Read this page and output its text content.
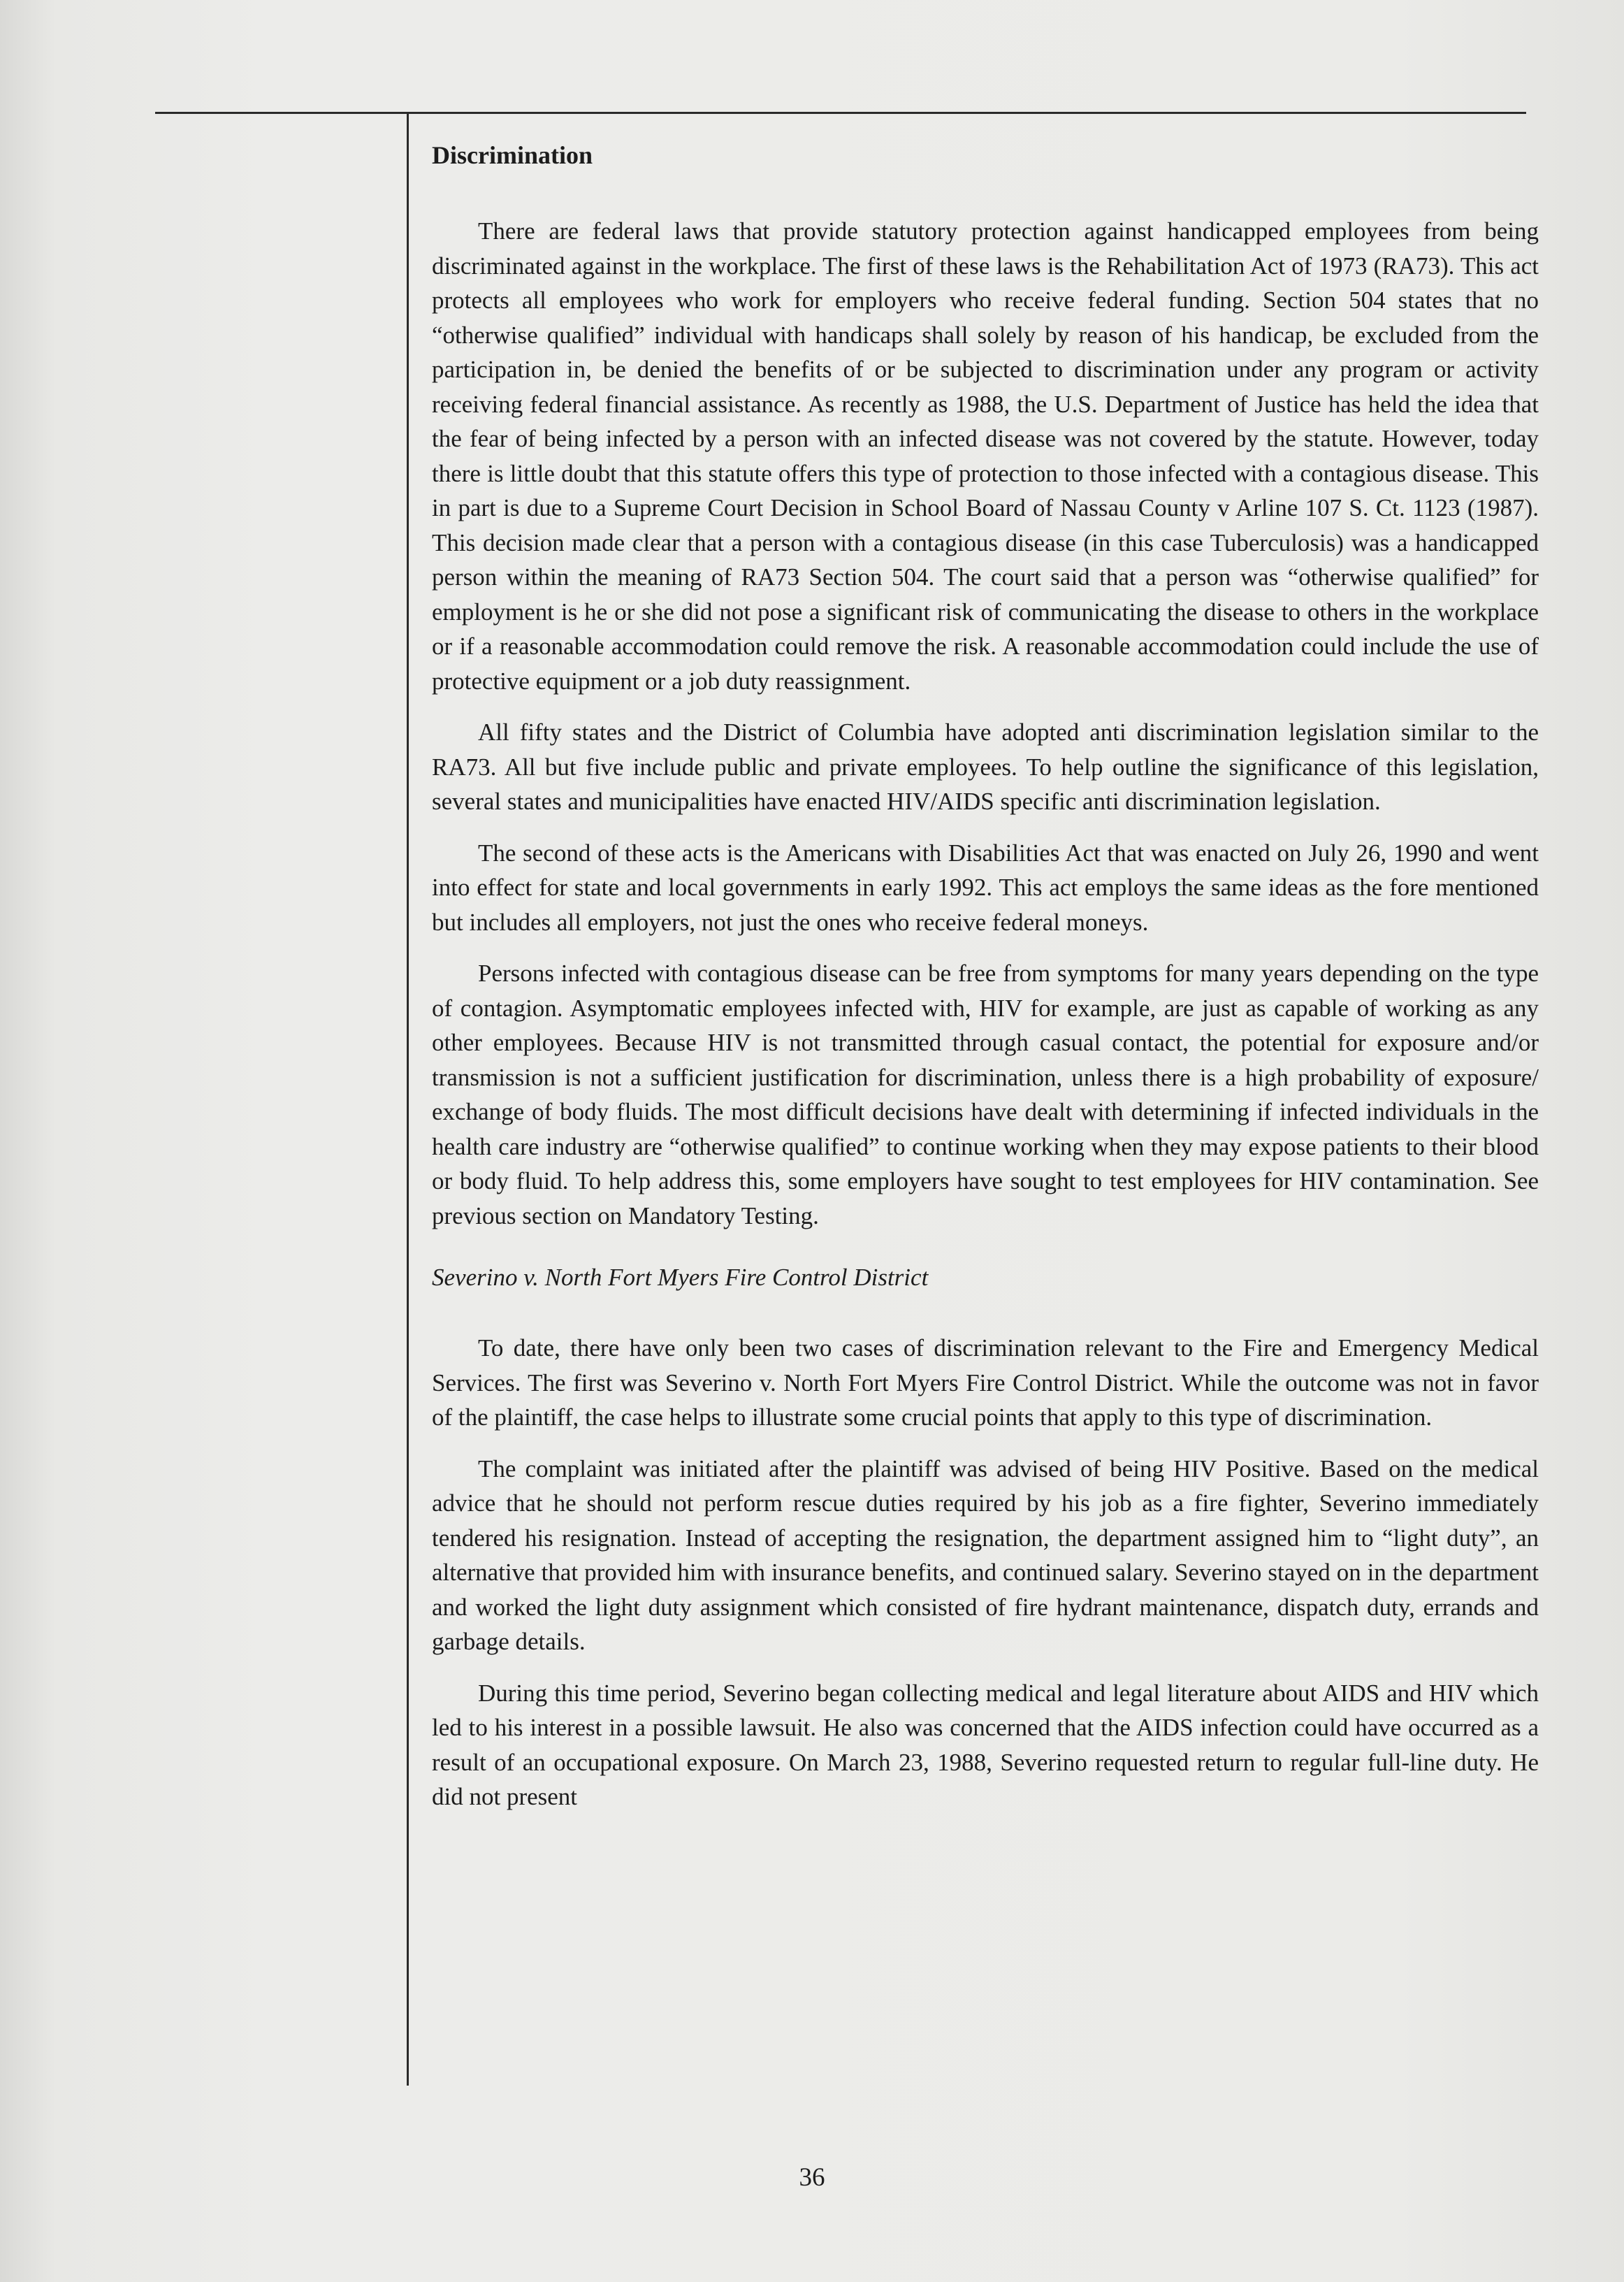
Discrimination

There are federal laws that provide statutory protection against handicapped employees from being discriminated against in the workplace. The first of these laws is the Rehabilitation Act of 1973 (RA73). This act protects all employees who work for employers who receive federal funding. Section 504 states that no “otherwise qualified” individual with handicaps shall solely by reason of his handicap, be excluded from the participation in, be denied the benefits of or be subjected to discrimination under any program or activity receiving federal financial assistance. As recently as 1988, the U.S. Department of Justice has held the idea that the fear of being infected by a person with an infected disease was not covered by the statute. However, today there is little doubt that this statute offers this type of protection to those infected with a contagious disease. This in part is due to a Supreme Court Decision in School Board of Nassau County v Arline 107 S. Ct. 1123 (1987). This decision made clear that a person with a contagious disease (in this case Tuberculosis) was a handicapped person within the meaning of RA73 Section 504. The court said that a person was “otherwise qualified” for employment is he or she did not pose a significant risk of communicating the disease to others in the workplace or if a reasonable accommodation could remove the risk. A reasonable accommodation could include the use of protective equipment or a job duty reassignment.

All fifty states and the District of Columbia have adopted anti discrimination legislation similar to the RA73. All but five include public and private employees. To help outline the significance of this legislation, several states and municipalities have enacted HIV/AIDS specific anti discrimination legislation.

The second of these acts is the Americans with Disabilities Act that was enacted on July 26, 1990 and went into effect for state and local governments in early 1992. This act employs the same ideas as the fore mentioned but includes all employers, not just the ones who receive federal moneys.

Persons infected with contagious disease can be free from symptoms for many years depending on the type of contagion. Asymptomatic employees infected with, HIV for example, are just as capable of working as any other employees. Because HIV is not transmitted through casual contact, the potential for exposure and/or transmission is not a sufficient justification for discrimination, unless there is a high probability of exposure/ exchange of body fluids. The most difficult decisions have dealt with determining if infected individuals in the health care industry are “otherwise qualified” to continue working when they may expose patients to their blood or body fluid. To help address this, some employers have sought to test employees for HIV contamination. See previous section on Mandatory Testing.

Severino v. North Fort Myers Fire Control District

To date, there have only been two cases of discrimination relevant to the Fire and Emergency Medical Services. The first was Severino v. North Fort Myers Fire Control District. While the outcome was not in favor of the plaintiff, the case helps to illustrate some crucial points that apply to this type of discrimination.

The complaint was initiated after the plaintiff was advised of being HIV Positive. Based on the medical advice that he should not perform rescue duties required by his job as a fire fighter, Severino immediately tendered his resignation. Instead of accepting the resignation, the department assigned him to “light duty”, an alternative that provided him with insurance benefits, and continued salary. Severino stayed on in the department and worked the light duty assignment which consisted of fire hydrant maintenance, dispatch duty, errands and garbage details.

During this time period, Severino began collecting medical and legal literature about AIDS and HIV which led to his interest in a possible lawsuit. He also was concerned that the AIDS infection could have occurred as a result of an occupational exposure. On March 23, 1988, Severino requested return to regular full-line duty. He did not present

36
